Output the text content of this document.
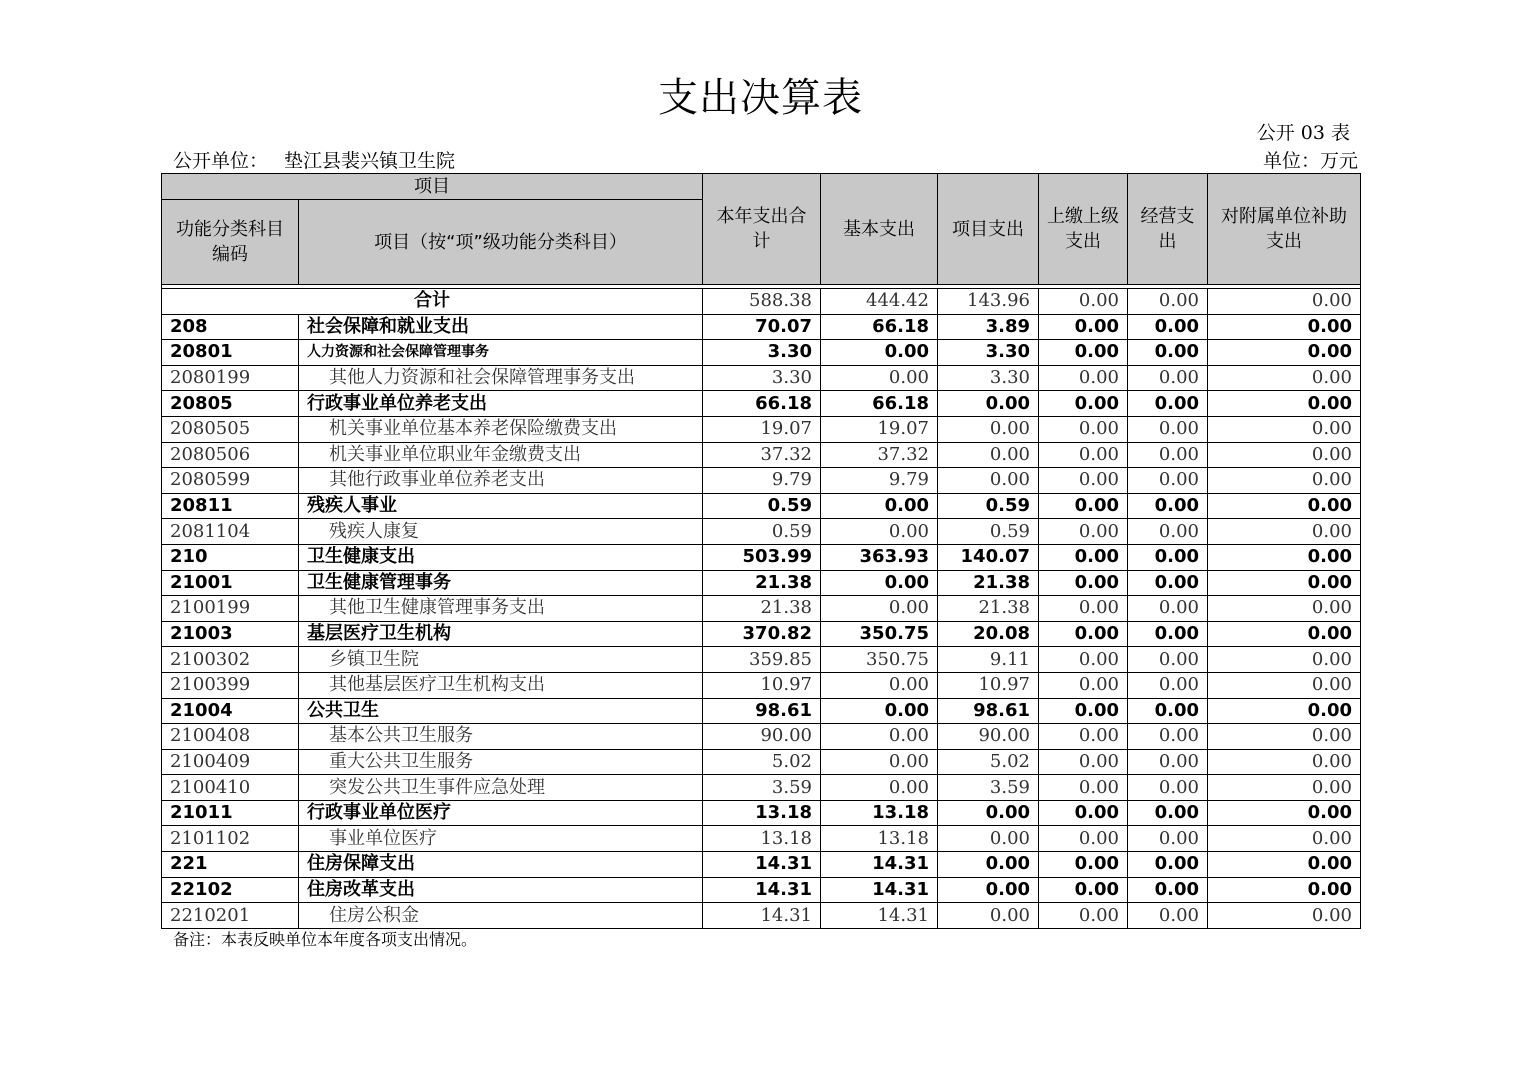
支出决算表
公开 03 表
公开单位： 垫江县裴兴镇卫生院	单位：万元
项目		本年支出合计	基本支出	项目支出	上缴上级支出	经营支出	对附属单位补助支出
功能分类科目编码	项目（按“项”级功能分类科目）						

合计		588.38	444.42	143.96	0.00	0.00	0.00
208	社会保障和就业支出	70.07	66.18	3.89	0.00	0.00	0.00
20801	人力资源和社会保障管理事务	3.30	0.00	3.30	0.00	0.00	0.00
2080199	其他人力资源和社会保障管理事务支出	3.30	0.00	3.30	0.00	0.00	0.00
20805	行政事业单位养老支出	66.18	66.18	0.00	0.00	0.00	0.00
2080505	机关事业单位基本养老保险缴费支出	19.07	19.07	0.00	0.00	0.00	0.00
2080506	机关事业单位职业年金缴费支出	37.32	37.32	0.00	0.00	0.00	0.00
2080599	其他行政事业单位养老支出	9.79	9.79	0.00	0.00	0.00	0.00
20811	残疾人事业	0.59	0.00	0.59	0.00	0.00	0.00
2081104	残疾人康复	0.59	0.00	0.59	0.00	0.00	0.00
210	卫生健康支出	503.99	363.93	140.07	0.00	0.00	0.00
21001	卫生健康管理事务	21.38	0.00	21.38	0.00	0.00	0.00
2100199	其他卫生健康管理事务支出	21.38	0.00	21.38	0.00	0.00	0.00
21003	基层医疗卫生机构	370.82	350.75	20.08	0.00	0.00	0.00
2100302	乡镇卫生院	359.85	350.75	9.11	0.00	0.00	0.00
2100399	其他基层医疗卫生机构支出	10.97	0.00	10.97	0.00	0.00	0.00
21004	公共卫生	98.61	0.00	98.61	0.00	0.00	0.00
2100408	基本公共卫生服务	90.00	0.00	90.00	0.00	0.00	0.00
2100409	重大公共卫生服务	5.02	0.00	5.02	0.00	0.00	0.00
2100410	突发公共卫生事件应急处理	3.59	0.00	3.59	0.00	0.00	0.00
21011	行政事业单位医疗	13.18	13.18	0.00	0.00	0.00	0.00
2101102	事业单位医疗	13.18	13.18	0.00	0.00	0.00	0.00
221	住房保障支出	14.31	14.31	0.00	0.00	0.00	0.00
22102	住房改革支出	14.31	14.31	0.00	0.00	0.00	0.00
2210201	住房公积金	14.31	14.31	0.00	0.00	0.00	0.00
备注：本表反映单位本年度各项支出情况。
